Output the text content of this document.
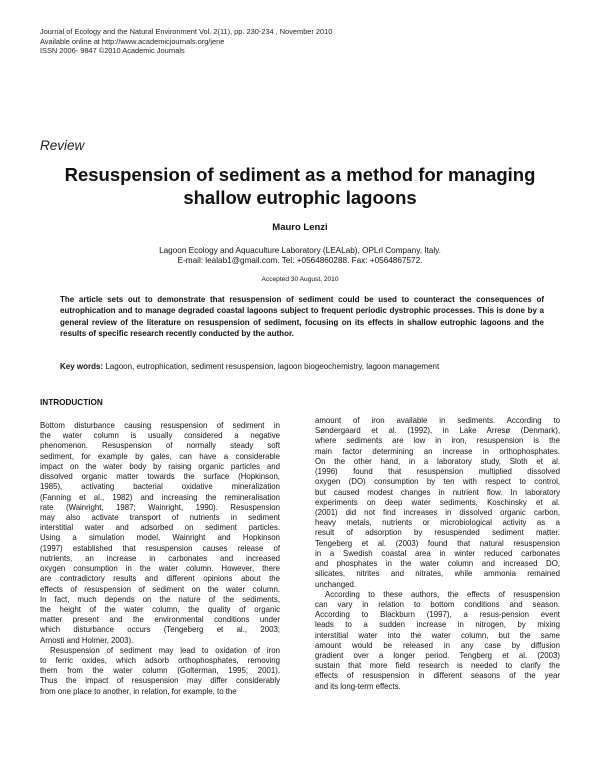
Journal of Ecology and the Natural Environment Vol. 2(11), pp. 230-234 , November 2010
Available online at http://www.academicjournals.org/jene
ISSN 2006- 9847 ©2010 Academic Journals
Review
Resuspension of sediment as a method for managing shallow eutrophic lagoons
Mauro Lenzi
Lagoon Ecology and Aquaculture Laboratory (LEALab), OPLrl Company, Italy.
E-mail: lealab1@gmail.com. Tel: +0564860288. Fax: +0564867572.
Accepted 30 August, 2010
The article sets out to demonstrate that resuspension of sediment could be used to counteract the consequences of eutrophication and to manage degraded coastal lagoons subject to frequent periodic dystrophic processes. This is done by a general review of the literature on resuspension of sediment, focusing on its effects in shallow eutrophic lagoons and the results of specific research recently conducted by the author.
Key words: Lagoon, eutrophication, sediment resuspension, lagoon biogeochemistry, lagoon management
INTRODUCTION
Bottom disturbance causing resuspension of sediment in
the water column is usually considered a negative
phenomenon. Resuspension of normally steady soft
sediment, for example by gales, can have a considerable
impact on the water body by raising organic particles and
dissolved organic matter towards the surface (Hopkinson,
1985), activating bacterial oxidative mineralization
(Fanning et al., 1982) and increasing the remineralisation
rate (Wainright, 1987; Wainright, 1990). Resuspension
may also activate transport of nutrients in sediment
interstitial water and adsorbed on sediment particles.
Using a simulation model, Wainright and Hopkinson
(1997) established that resuspension causes release of
nutrients, an increase in carbonates and increased
oxygen consumption in the water column. However, there
are contradictory results and different opinions about the
effects of resuspension of sediment on the water column.
In fact, much depends on the nature of the sediments,
the height of the water column, the quality of organic
matter present and the environmental conditions under
which disturbance occurs (Tengeberg et al., 2003;
Arnosti and Holmer, 2003).
Resuspension of sediment may lead to oxidation of iron
to ferric oxides, which adsorb orthophosphates, removing
them from the water column (Golterman, 1995; 2001).
Thus the impact of resuspension may differ considerably
from one place to another, in relation, for example, to the
amount of iron available in sediments. According to
Søndergaard et al. (1992), in Lake Arresø (Denmark),
where sediments are low in iron, resuspension is the
main factor determining an increase in orthophosphates.
On the other hand, in a laboratory study, Sloth et al.
(1996) found that resuspension multiplied dissolved
oxygen (DO) consumption by ten with respect to control,
but caused modest changes in nutrient flow. In laboratory
experiments on deep water sediments, Koschinsky et al.
(2001) did not find increases in dissolved organic carbon,
heavy metals, nutrients or microbiological activity as a
result of adsorption by resuspended sediment matter.
Tengeberg et al. (2003) found that natural resuspension
in a Swedish coastal area in winter reduced carbonates
and phosphates in the water column and increased DO,
silicates, nitrites and nitrates, while ammonia remained
unchanged.
According to these authors, the effects of resuspension
can vary in relation to bottom conditions and season.
According to Blackburn (1997), a resus-pension event
leads to a sudden increase in nitrogen, by mixing
interstitial water into the water column, but the same
amount would be released in any case by diffusion
gradient over a longer period. Tengberg et al. (2003)
sustain that more field research is needed to clarify the
effects of resuspension in different seasons of the year
and its long-term effects.
